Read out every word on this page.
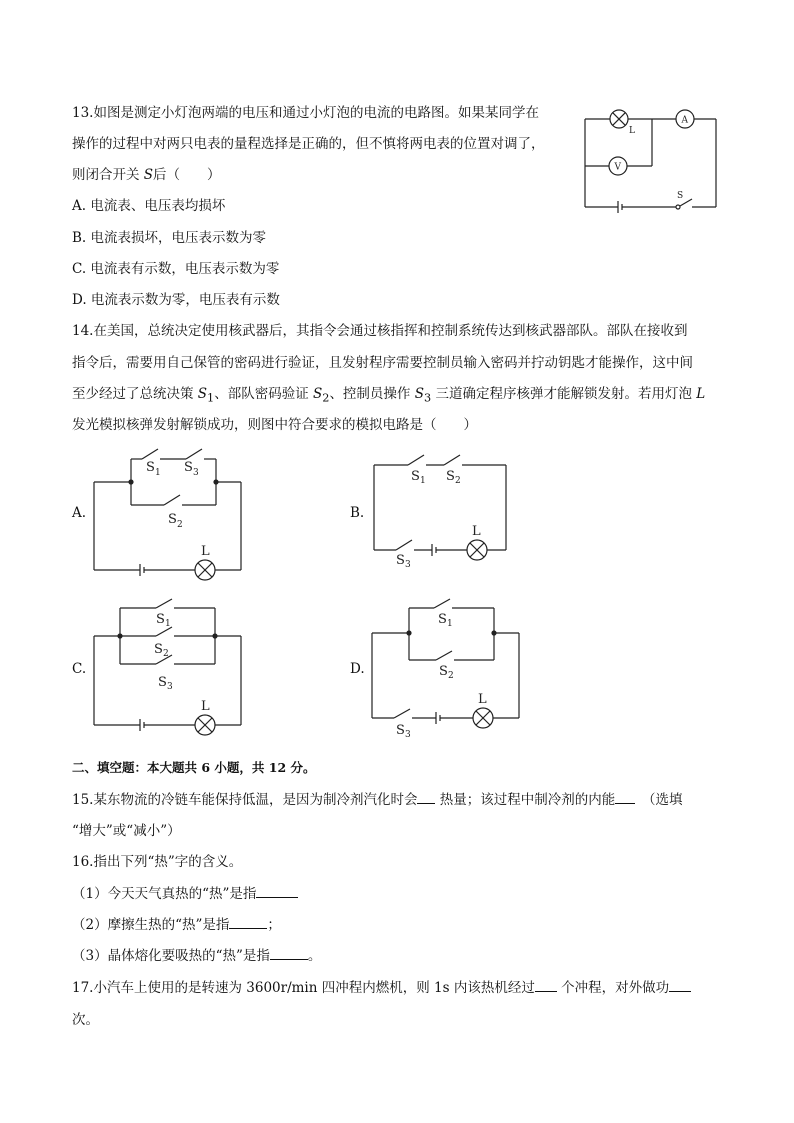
13.如图是测定小灯泡两端的电压和通过小灯泡的电流的电路图。如果某同学在
操作的过程中对两只电表的量程选择是正确的，但不慎将两电表的位置对调了，
则闭合开关 S后（　　）
A. 电流表、电压表均损坏
B. 电流表损坏，电压表示数为零
C. 电流表有示数，电压表示数为零
D. 电流表示数为零，电压表有示数
L
A
V
S
14.在美国，总统决定使用核武器后，其指令会通过核指挥和控制系统传达到核武器部队。部队在接收到
指令后，需要用自己保管的密码进行验证，且发射程序需要控制员输入密码并拧动钥匙才能操作，这中间
至少经过了总统决策 $S_1$、部队密码验证 $S_2$、控制员操作 $S_3$ 三道确定程序核弹才能解锁发射。若用灯泡 L
发光模拟核弹发射解锁成功，则图中符合要求的模拟电路是（　　）
A.	B.
C.	D.
L
S 1 S 3
S 2
S 1 S 2
L
S 3
L
S 1
S 2
S 3
S 1
S 2
L
S 3
二、填空题：本大题共 6 小题，共 12 分。
15.某东物流的冷链车能保持低温，是因为制冷剂汽化时会 热量；该过程中制冷剂的内能　 （选填
“增大”或“减小”）
16.指出下列“热”字的含义。
（1）今天天气真热的“热”是指
（2）摩擦生热的“热”是指	；
（3）晶体熔化要吸热的“热”是指	。
17.小汽车上使用的是转速为 3600r/min 四冲程内燃机，则 1s 内该热机经过 个冲程，对外做功
次。
